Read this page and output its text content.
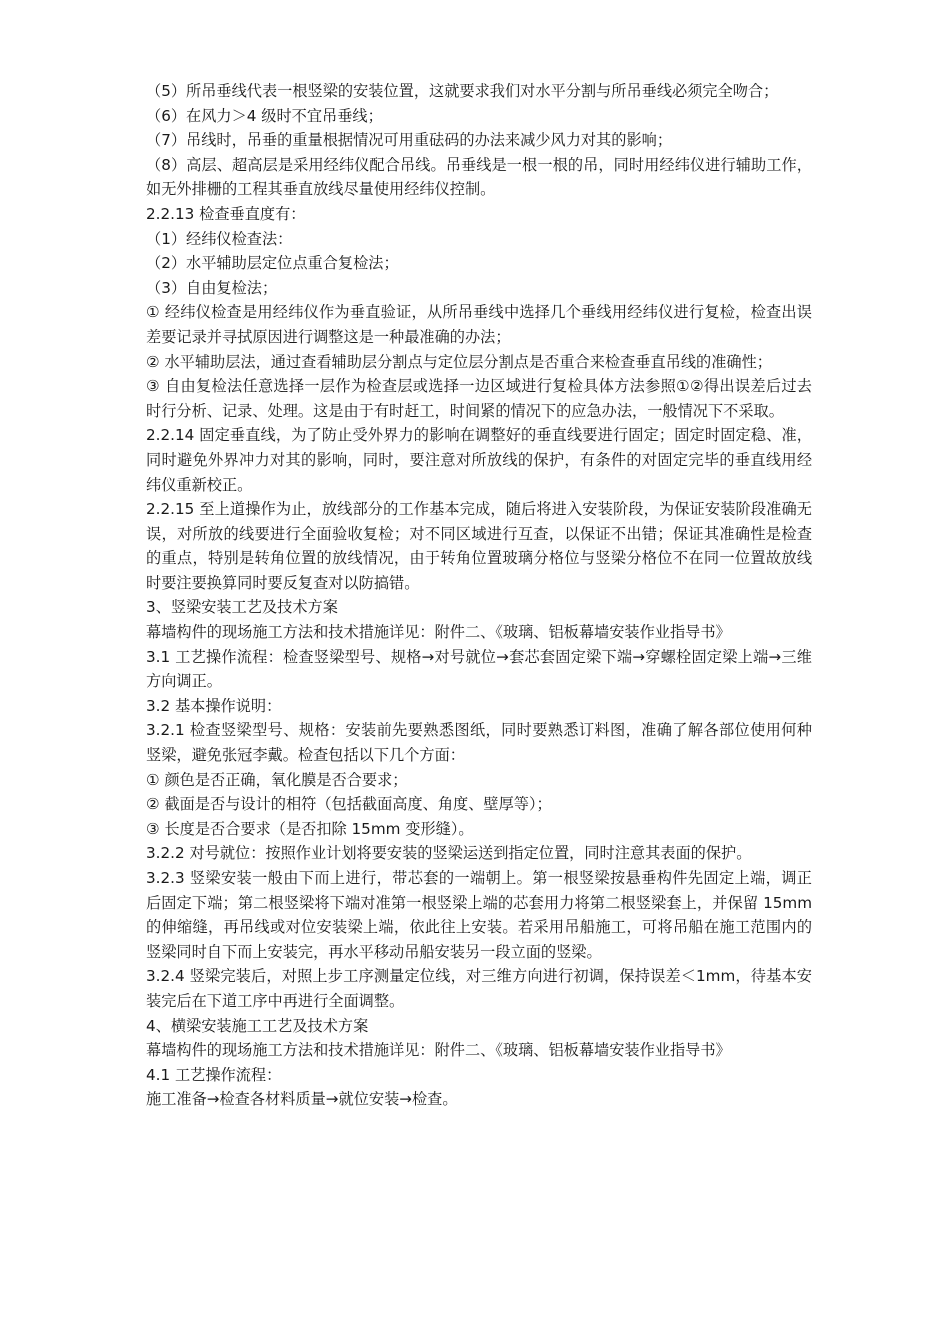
（5）所吊垂线代表一根竖梁的安装位置，这就要求我们对水平分割与所吊垂线必须完全吻合；

（6）在风力＞4 级时不宜吊垂线；

（7）吊线时，吊垂的重量根据情况可用重砝码的办法来减少风力对其的影响；

（8）高层、超高层是采用经纬仪配合吊线。吊垂线是一根一根的吊，同时用经纬仪进行辅助工作，如无外排栅的工程其垂直放线尽量使用经纬仪控制。

2.2.13 检查垂直度有：

（1）经纬仪检查法：

（2）水平辅助层定位点重合复检法；

（3）自由复检法；

① 经纬仪检查是用经纬仪作为垂直验证，从所吊垂线中选择几个垂线用经纬仪进行复检，检查出误差要记录并寻拭原因进行调整这是一种最准确的办法；

② 水平辅助层法，通过查看辅助层分割点与定位层分割点是否重合来检查垂直吊线的准确性；

③ 自由复检法任意选择一层作为检查层或选择一边区域进行复检具体方法参照①②得出误差后过去时行分析、记录、处理。这是由于有时赶工，时间紧的情况下的应急办法，一般情况下不采取。

2.2.14 固定垂直线，为了防止受外界力的影响在调整好的垂直线要进行固定；固定时固定稳、准，同时避免外界冲力对其的影响，同时，要注意对所放线的保护，有条件的对固定完毕的垂直线用经纬仪重新校正。

2.2.15 至上道操作为止，放线部分的工作基本完成，随后将进入安装阶段，为保证安装阶段准确无误，对所放的线要进行全面验收复检；对不同区域进行互查，以保证不出错；保证其准确性是检查的重点，特别是转角位置的放线情况，由于转角位置玻璃分格位与竖梁分格位不在同一位置故放线时要注要换算同时要反复查对以防搞错。

3、竖梁安装工艺及技术方案

幕墙构件的现场施工方法和技术措施详见：附件二、《玻璃、铝板幕墙安装作业指导书》

3.1 工艺操作流程：检查竖梁型号、规格→对号就位→套芯套固定梁下端→穿螺栓固定梁上端→三维方向调正。

3.2 基本操作说明：

3.2.1 检查竖梁型号、规格：安装前先要熟悉图纸，同时要熟悉订料图，准确了解各部位使用何种竖梁，避免张冠李戴。检查包括以下几个方面：

① 颜色是否正确，氧化膜是否合要求；

② 截面是否与设计的相符（包括截面高度、角度、壁厚等）；

③ 长度是否合要求（是否扣除 15mm 变形缝）。

3.2.2 对号就位：按照作业计划将要安装的竖梁运送到指定位置，同时注意其表面的保护。

3.2.3 竖梁安装一般由下而上进行，带芯套的一端朝上。第一根竖梁按悬垂构件先固定上端，调正后固定下端；第二根竖梁将下端对准第一根竖梁上端的芯套用力将第二根竖梁套上，并保留 15mm 的伸缩缝，再吊线或对位安装梁上端，依此往上安装。若采用吊船施工，可将吊船在施工范围内的竖梁同时自下而上安装完，再水平移动吊船安装另一段立面的竖梁。

3.2.4 竖梁完装后，对照上步工序测量定位线，对三维方向进行初调，保持误差＜1mm，待基本安装完后在下道工序中再进行全面调整。

4、横梁安装施工工艺及技术方案

幕墙构件的现场施工方法和技术措施详见：附件二、《玻璃、铝板幕墙安装作业指导书》

4.1 工艺操作流程：

施工准备→检查各材料质量→就位安装→检查。
